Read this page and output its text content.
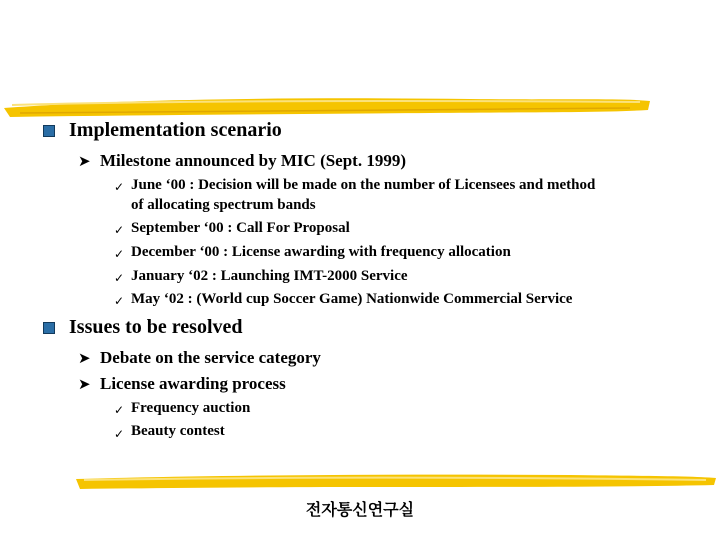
Implementation scenario
➤ Milestone announced by MIC (Sept. 1999)
✓ June ‘00 : Decision will be made on the number of Licensees and method
of allocating spectrum bands
✓ September ‘00 : Call For Proposal
✓ December ‘00 : License awarding with frequency allocation
✓ January ‘02 : Launching IMT-2000 Service
✓ May ‘02 : (World cup Soccer Game) Nationwide Commercial Service
Issues to be resolved
➤ Debate on the service category
➤ License awarding process
✓ Frequency auction
✓ Beauty contest
전자통신연구실
